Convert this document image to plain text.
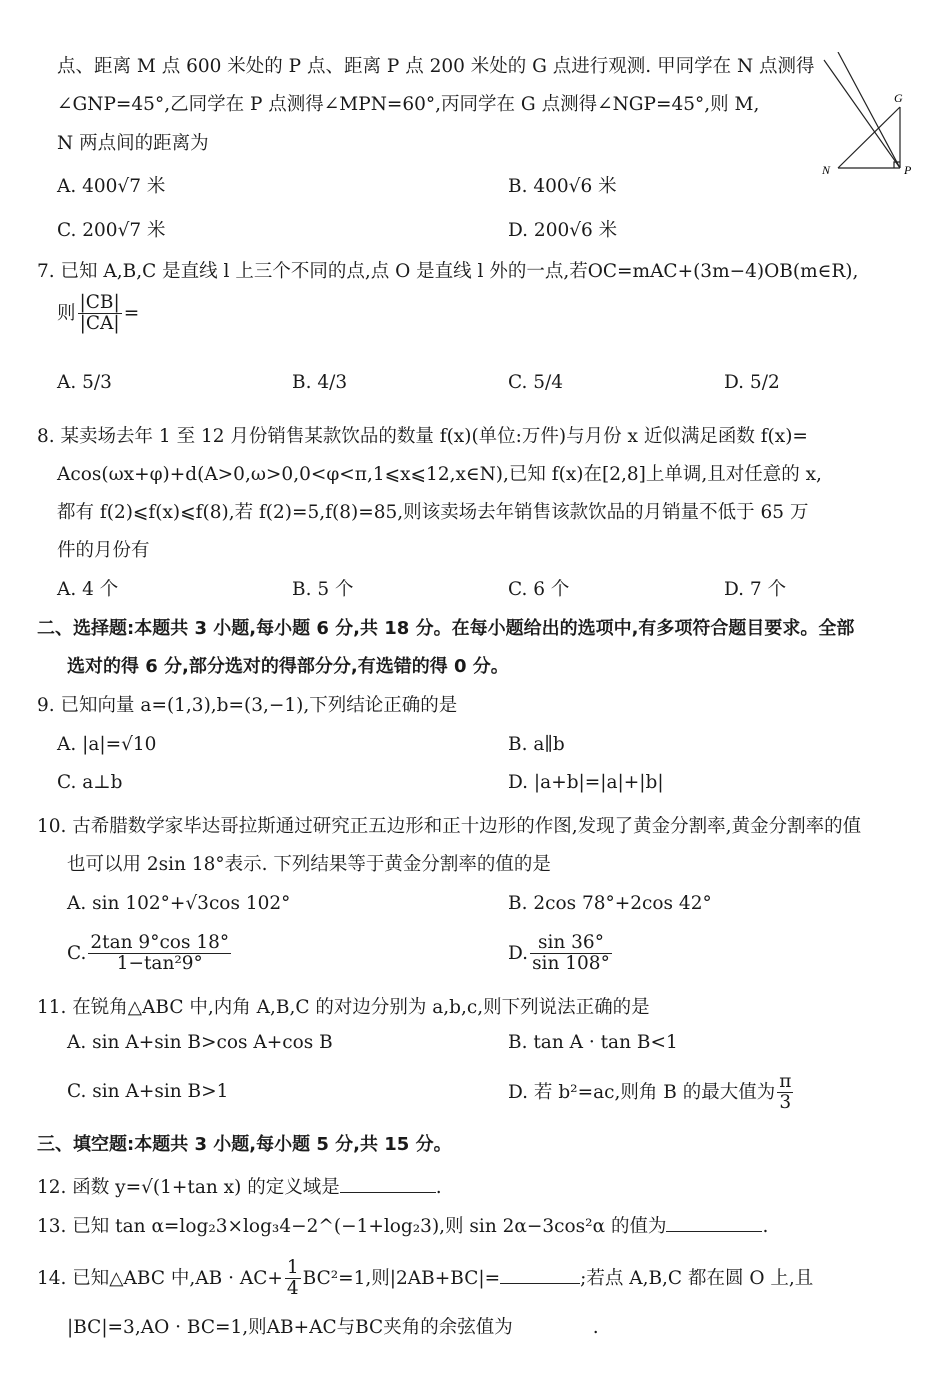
点、距离 M 点 600 米处的 P 点、距离 P 点 200 米处的 G 点进行观测. 甲同学在 N 点测得
∠GNP=45°,乙同学在 P 点测得∠MPN=60°,丙同学在 G 点测得∠NGP=45°,则 M,
N 两点间的距离为
A. 400√7 米	B. 400√6 米
C. 200√7 米	D. 200√6 米
G
N	P
7. 已知 A,B,C 是直线 l 上三个不同的点,点 O 是直线 l 外的一点,若OC=mAC+(3m−4)OB(m∈R),
则 $\frac{|CB|}{|CA|}$ =
A. 5/3	B. 4/3	C. 5/4	D. 5/2
8. 某卖场去年 1 至 12 月份销售某款饮品的数量 f(x)(单位:万件)与月份 x 近似满足函数 f(x)=
Acos(ωx+φ)+d(A>0,ω>0,0<φ<π,1⩽x⩽12,x∈N),已知 f(x)在[2,8]上单调,且对任意的 x,
都有 f(2)⩽f(x)⩽f(8),若 f(2)=5,f(8)=85,则该卖场去年销售该款饮品的月销量不低于 65 万
件的月份有
A. 4 个	B. 5 个	C. 6 个	D. 7 个
二、选择题:本题共 3 小题,每小题 6 分,共 18 分。在每小题给出的选项中,有多项符合题目要求。全部
选对的得 6 分,部分选对的得部分分,有选错的得 0 分。
9. 已知向量 a=(1,3),b=(3,−1),下列结论正确的是
A. |a|=√10	B. a∥b
C. a⊥b	D. |a+b|=|a|+|b|
10. 古希腊数学家毕达哥拉斯通过研究正五边形和正十边形的作图,发现了黄金分割率,黄金分割率的值
也可以用 2sin 18°表示. 下列结果等于黄金分割率的值的是
A. sin 102°+√3cos 102°	B. 2cos 78°+2cos 42°
C. $\frac{2\tan 9^\circ\cos 18^\circ}{\text{1−tan²9°}}$	D. $\frac{\sin 36^\circ}{\sin 108^\circ}$
11. 在锐角△ABC 中,内角 A,B,C 的对边分别为 a,b,c,则下列说法正确的是
A. sin A+sin B>cos A+cos B	B. tan A · tan B<1
C. sin A+sin B>1	D. 若 b²=ac,则角 B 的最大值为 $\frac{\pi}{3}$
三、填空题:本题共 3 小题,每小题 5 分,共 15 分。
12. 函数 y=√(1+tan x) 的定义域是	.
13. 已知 tan α=log₂3×log₃4−2^(−1+log₂3),则 sin 2α−3cos²α 的值为	.
14. 已知△ABC 中$,AB \cdot AC+ \frac{1}{4} BC^2=1$,则|2AB+BC|=	;若点 A,B,C 都在圆 O 上,且
|BC|=3,AO · BC=1,则AB+AC与BC夹角的余弦值为	.
